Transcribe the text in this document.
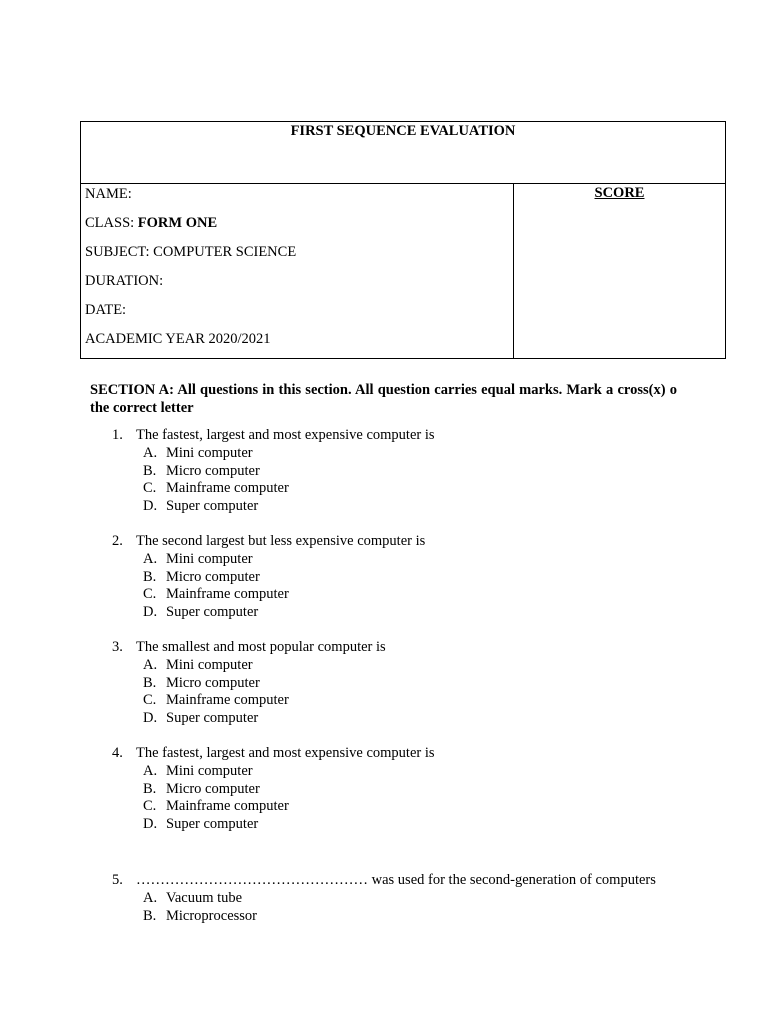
FIRST SEQUENCE EVALUATION

NAME:
CLASS: FORM ONE
SUBJECT: COMPUTER SCIENCE
DURATION:
DATE:
ACADEMIC YEAR 2020/2021
	SCORE
SECTION A: All questions in this section. All question carries equal marks. Mark a cross(x) o the correct letter
1. The fastest, largest and most expensive computer is
A. Mini computer
B. Micro computer
C. Mainframe computer
D. Super computer
2. The second largest but less expensive computer is
A. Mini computer
B. Micro computer
C. Mainframe computer
D. Super computer
3. The smallest and most popular computer is
A. Mini computer
B. Micro computer
C. Mainframe computer
D. Super computer
4. The fastest, largest and most expensive computer is
A. Mini computer
B. Micro computer
C. Mainframe computer
D. Super computer
5. ………………………………………… was used for the second-generation of computers
A. Vacuum tube
B. Microprocessor
